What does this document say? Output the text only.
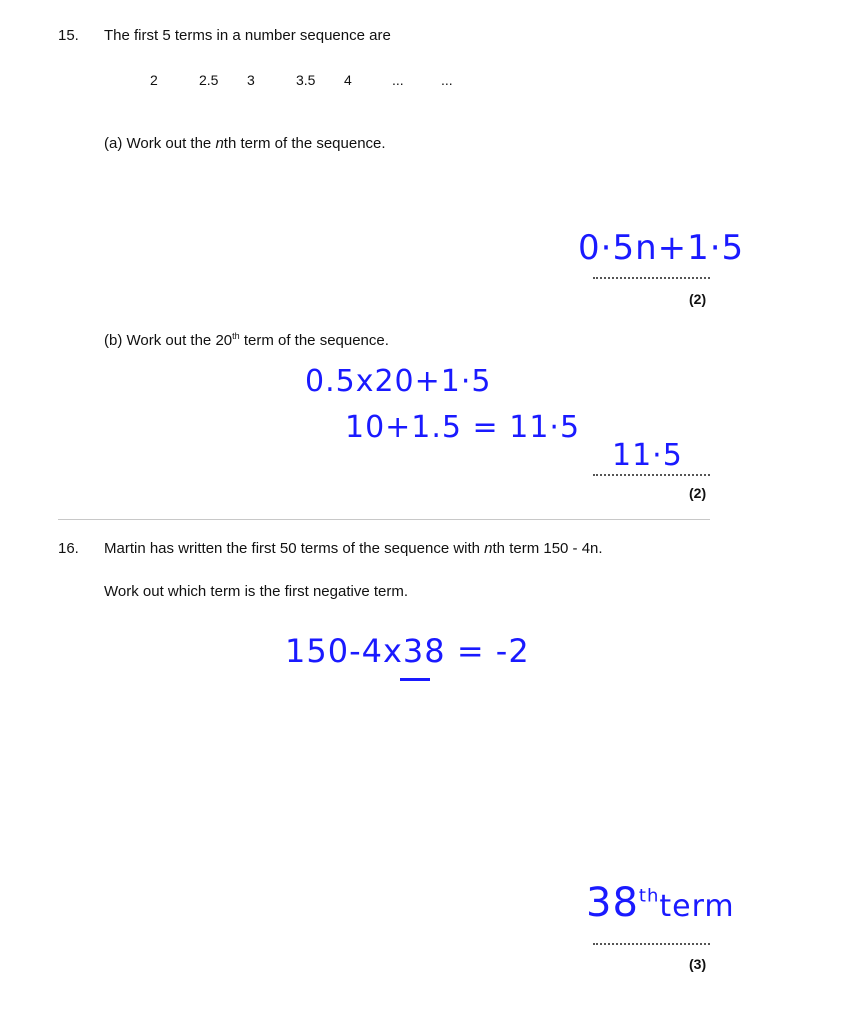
15. The first 5 terms in a number sequence are
2	2.5 3	3.5 4	...	...
(a) Work out the nth term of the sequence.
0·5n+1·5
(2)
(b) Work out the 20th term of the sequence.
0.5x20+1·5
10+1.5 = 11·5
11·5
(2)
16. Martin has written the first 50 terms of the sequence with nth term 150 - 4n.
Work out which term is the first negative term.
150-4x38 = -2
38thterm
(3)
